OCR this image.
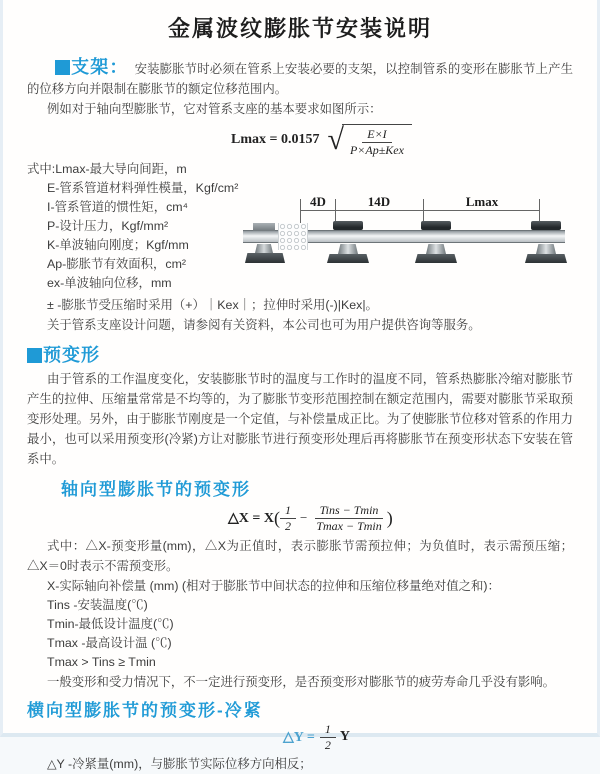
金属波纹膨胀节安装说明

支架： 安装膨胀节时必须在管系上安装必要的支架，以控制管系的变形在膨胀节上产生的位移方向并限制在膨胀节的额定位移范围内。

例如对于轴向型膨胀节，它对管系支座的基本要求如图所示：

Lmax = 0.0157 √ $\frac{E\times I}{\text{P×Ap±Kex}}$
式中:Lmax-最大导向间距，m
E-管系管道材料弹性模量，Kgf/cm²
I-管系管道的惯性矩，cm⁴
P-设计压力，Kgf/mm²
K-单波轴向刚度；Kgf/mm
Ap-膨胀节有效面积，cm²
ex-单波轴向位移，mm
4D	14D	Lmax

± -膨胀节受压缩时采用（+）｜Kex｜；拉伸时采用(-)|Kex|。

关于管系支座设计问题，请参阅有关资料，本公司也可为用户提供咨询等服务。

预变形

由于管系的工作温度变化，安装膨胀节时的温度与工作时的温度不同，管系热膨胀冷缩对膨胀节产生的拉伸、压缩量常常是不均等的，为了膨胀节变形范围控制在额定范围内，需要对膨胀节采取预变形处理。另外，由于膨胀节刚度是一个定值，与补偿量成正比。为了使膨胀节位移对管系的作用力最小，也可以采用预变形(冷紧)方让对膨胀节进行预变形处理后再将膨胀节在预变形状态下安装在管系中。

轴向型膨胀节的预变形
△X = X ( $\frac{1}{2} - \frac{\text{Tins − Tmin}}{Tmax - Tmin}$ )

式中：△X-预变形量(mm)，△X为正值时，表示膨胀节需预拉伸；为负值时，表示需预压缩；△X＝0时表示不需预变形。

X-实际轴向补偿量 (mm) (相对于膨胀节中间状态的拉伸和压缩位移量绝对值之和)：

Tins -安装温度(℃)
Tmin-最低设计温度(℃)
Tmax -最高设计温 (℃)
Tmax > Tins ≥ Tmin

一般变形和受力情况下，不一定进行预变形，是否预变形对膨胀节的疲劳寿命几乎没有影响。

横向型膨胀节的预变形-冷紧
△Y = $\frac{1}{2}$ Y

△Y -冷紧量(mm)，与膨胀节实际位移方向相反；
